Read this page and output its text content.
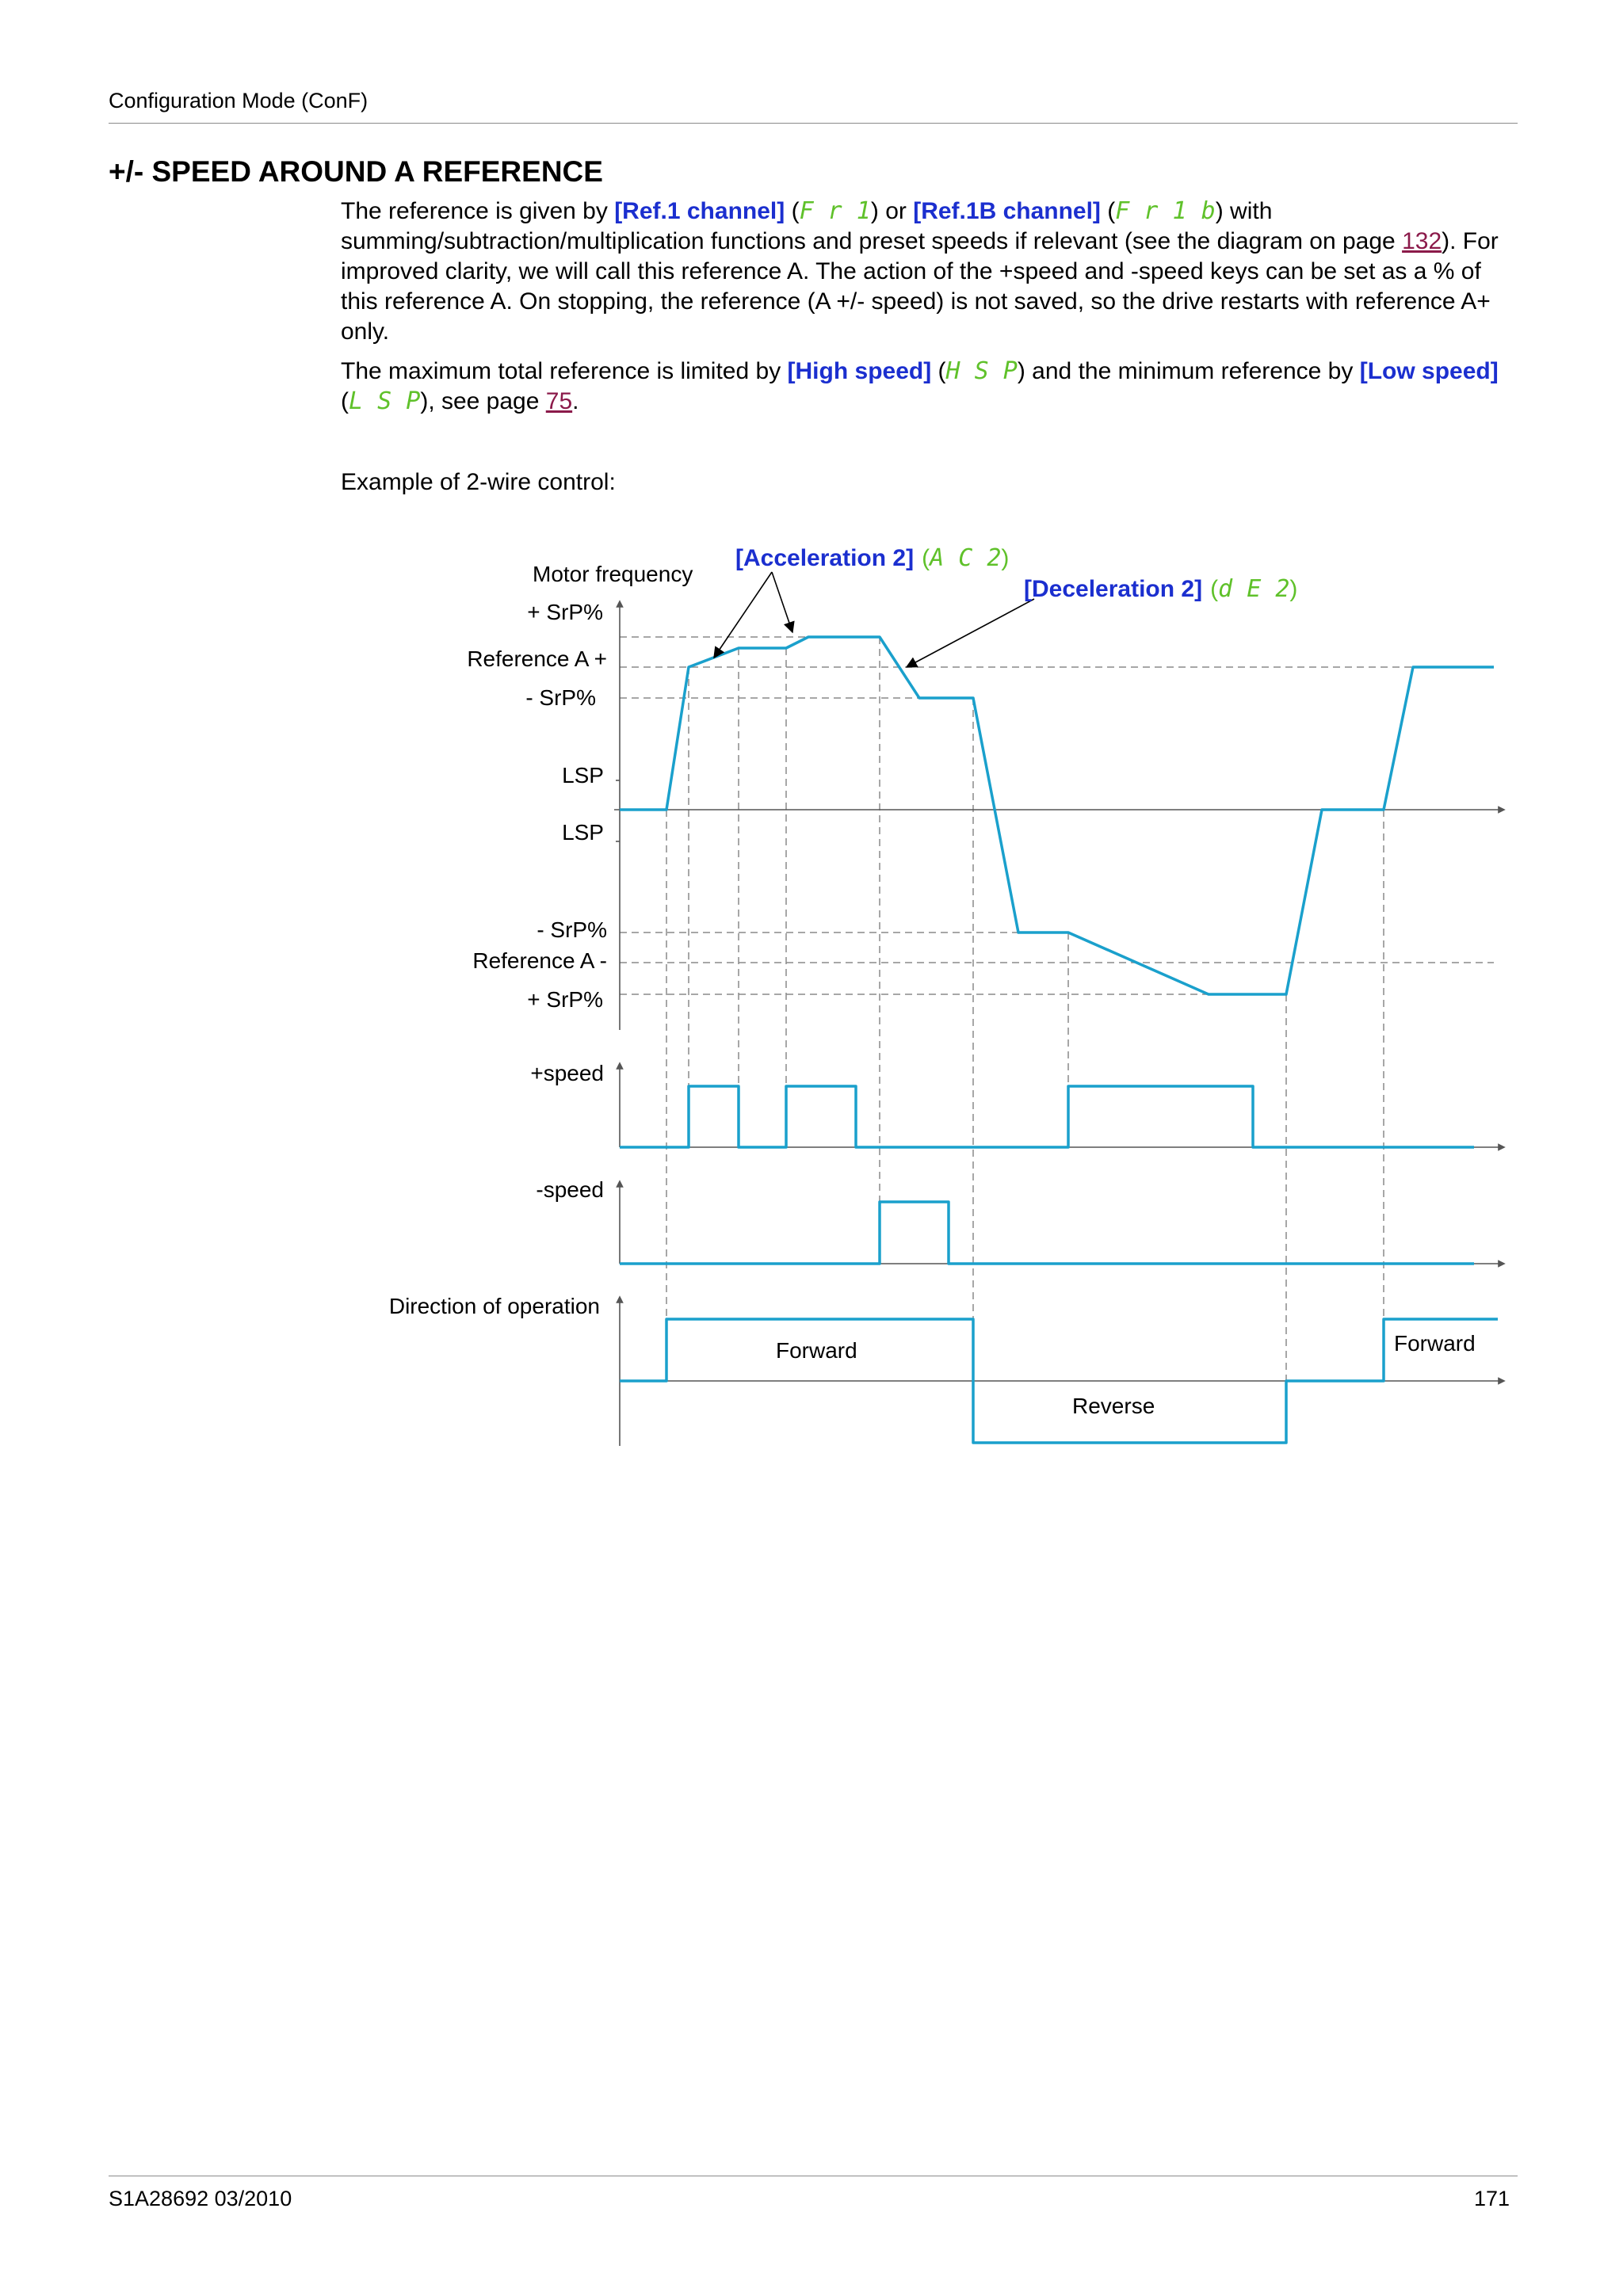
Configuration Mode (ConF)
+/- SPEED AROUND A REFERENCE
The reference is given by [Ref.1 channel] (F r 1) or [Ref.1B channel] (F r 1 b) with summing/subtraction/multiplication functions and preset speeds if relevant (see the diagram on page 132). For improved clarity, we will call this reference A. The action of the +speed and -speed keys can be set as a % of this reference A. On stopping, the reference (A +/- speed) is not saved, so the drive restarts with reference A+ only.
The maximum total reference is limited by [High speed] (H S P) and the minimum reference by [Low speed] (L S P), see page 75.
Example of 2-wire control:
Motor frequency
+ SrP%
Reference A +
- SrP%
LSP
LSP
- SrP%
Reference A -
+ SrP%
+speed
-speed
Direction of operation
Forward
Reverse
Forward
[Acceleration 2] (A C 2)
[Deceleration 2] (d E 2)
S1A28692 03/2010	171
